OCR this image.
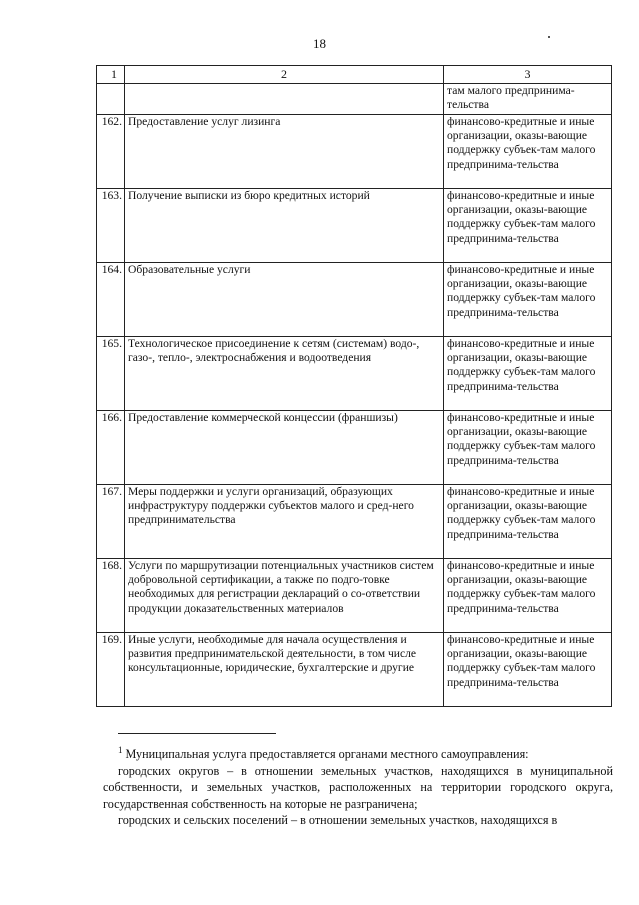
18
1	2	3
		там малого предпринима-тельства
162.	Предоставление услуг лизинга	финансово-кредитные и иные организации, оказы-вающие поддержку субъек-там малого предпринима-тельства
163.	Получение выписки из бюро кредитных историй	финансово-кредитные и иные организации, оказы-вающие поддержку субъек-там малого предпринима-тельства
164.	Образовательные услуги	финансово-кредитные и иные организации, оказы-вающие поддержку субъек-там малого предпринима-тельства
165.	Технологическое присоединение к сетям (системам) водо-, газо-, тепло-, электроснабжения и водоотведения	финансово-кредитные и иные организации, оказы-вающие поддержку субъек-там малого предпринима-тельства
166.	Предоставление коммерческой концессии (франшизы)	финансово-кредитные и иные организации, оказы-вающие поддержку субъек-там малого предпринима-тельства
167.	Меры поддержки и услуги организаций, образующих инфраструктуру поддержки субъектов малого и сред-него предпринимательства	финансово-кредитные и иные организации, оказы-вающие поддержку субъек-там малого предпринима-тельства
168.	Услуги по маршрутизации потенциальных участников систем добровольной сертификации, а также по подго-товке необходимых для регистрации деклараций о со-ответствии продукции доказательственных материалов	финансово-кредитные и иные организации, оказы-вающие поддержку субъек-там малого предпринима-тельства
169.	Иные услуги, необходимые для начала осуществления и развития предпринимательской деятельности, в том числе консультационные, юридические, бухгалтерские и другие	финансово-кредитные и иные организации, оказы-вающие поддержку субъек-там малого предпринима-тельства

$^1$ Муниципальная услуга предоставляется органами местного самоуправления:

городских округов – в отношении земельных участков, находящихся в муниципальной собственности, и земельных участков, расположенных на территории городского округа, государственная собственность на которые не разграничена;

городских и сельских поселений – в отношении земельных участков, находящихся в
